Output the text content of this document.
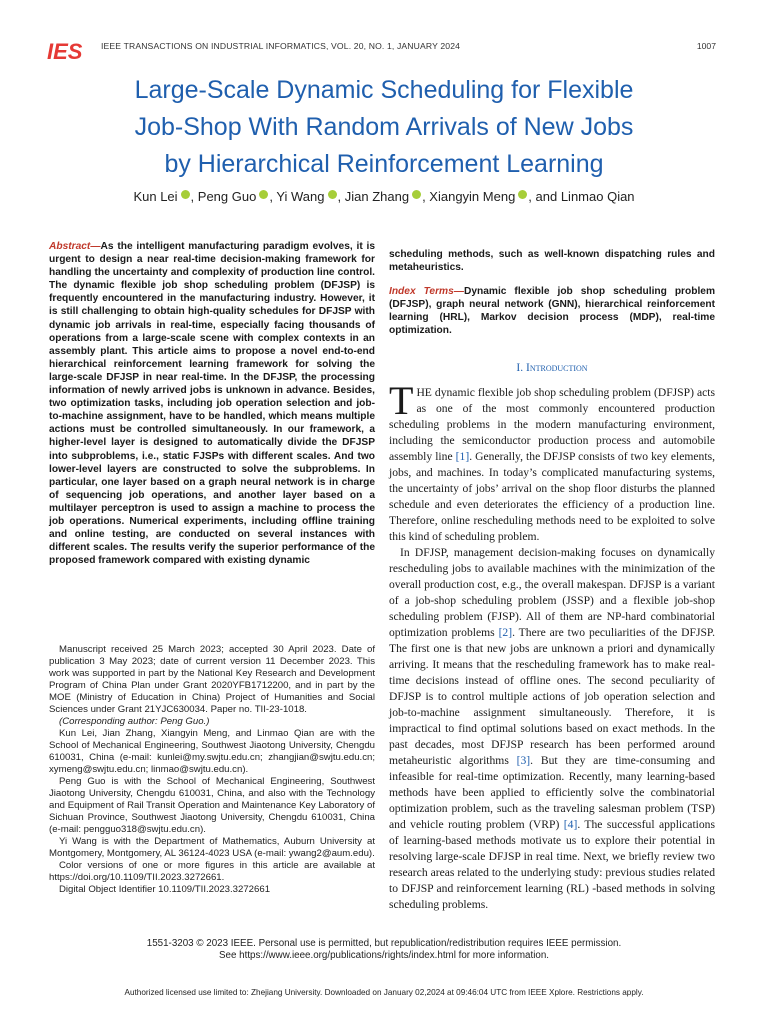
IES IEEE TRANSACTIONS ON INDUSTRIAL INFORMATICS, VOL. 20, NO. 1, JANUARY 2024	1007
Large-Scale Dynamic Scheduling for Flexible
Job-Shop With Random Arrivals of New Jobs
by Hierarchical Reinforcement Learning
Kun Lei , Peng Guo , Yi Wang , Jian Zhang , Xiangyin Meng , and Linmao Qian

Abstract—As the intelligent manufacturing paradigm evolves, it is urgent to design a near real-time decision-making framework for handling the uncertainty and complexity of production line control. The dynamic flexible job shop scheduling problem (DFJSP) is frequently encountered in the manufacturing industry. However, it is still challenging to obtain high-quality schedules for DFJSP with dynamic job arrivals in real-time, especially facing thousands of operations from a large-scale scene with complex contexts in an assembly plant. This article aims to propose a novel end-to-end hierarchical reinforcement learning framework for solving the large-scale DFJSP in near real-time. In the DFJSP, the processing information of newly arrived jobs is unknown in advance. Besides, two optimization tasks, including job operation selection and job-to-machine assignment, have to be handled, which means multiple actions must be controlled simultaneously. In our framework, a higher-level layer is designed to automatically divide the DFJSP into subproblems, i.e., static FJSPs with different scales. And two lower-level layers are constructed to solve the subproblems. In particular, one layer based on a graph neural network is in charge of sequencing job operations, and another layer based on a multilayer perceptron is used to assign a machine to process the job operations. Numerical experiments, including offline training and online testing, are conducted on several instances with different scales. The results verify the superior performance of the proposed framework compared with existing dynamic

scheduling methods, such as well-known dispatching rules and metaheuristics.

Index Terms—Dynamic flexible job shop scheduling problem (DFJSP), graph neural network (GNN), hierarchical reinforcement learning (HRL), Markov decision process (MDP), real-time optimization.

Manuscript received 25 March 2023; accepted 30 April 2023. Date of publication 3 May 2023; date of current version 11 December 2023. This work was supported in part by the National Key Research and Development Program of China Plan under Grant 2020YFB1712200, and in part by the MOE (Ministry of Education in China) Project of Humanities and Social Sciences under Grant 21YJC630034. Paper no. TII-23-1018.

(Corresponding author: Peng Guo.)

Kun Lei, Jian Zhang, Xiangyin Meng, and Linmao Qian are with the School of Mechanical Engineering, Southwest Jiaotong University, Chengdu 610031, China (e-mail: kunlei@my.swjtu.edu.cn; zhangjian@swjtu.edu.cn; xymeng@swjtu.edu.cn; linmao@swjtu.edu.cn).

Peng Guo is with the School of Mechanical Engineering, Southwest Jiaotong University, Chengdu 610031, China, and also with the Technology and Equipment of Rail Transit Operation and Maintenance Key Laboratory of Sichuan Province, Southwest Jiaotong University, Chengdu 610031, China (e-mail: pengguo318@swjtu.edu.cn).

Yi Wang is with the Department of Mathematics, Auburn University at Montgomery, Montgomery, AL 36124-4023 USA (e-mail: ywang2@aum.edu).

Color versions of one or more figures in this article are available at https://doi.org/10.1109/TII.2023.3272661.

Digital Object Identifier 10.1109/TII.2023.3272661

I. Introduction

THE dynamic flexible job shop scheduling problem (DFJSP) acts as one of the most commonly encountered production scheduling problems in the modern manufacturing environment, including the semiconductor production process and automobile assembly line [1]. Generally, the DFJSP consists of two key elements, jobs, and machines. In today’s complicated manufacturing systems, the uncertainty of jobs’ arrival on the shop floor disturbs the planned schedule and even deteriorates the efficiency of a production line. Therefore, online rescheduling methods need to be exploited to solve this kind of scheduling problem.

In DFJSP, management decision-making focuses on dynamically rescheduling jobs to available machines with the minimization of the overall production cost, e.g., the overall makespan. DFJSP is a variant of a job-shop scheduling problem (JSSP) and a flexible job-shop scheduling problem (FJSP). All of them are NP-hard combinatorial optimization problems [2]. There are two peculiarities of the DFJSP. The first one is that new jobs are unknown a priori and dynamically arriving. It means that the rescheduling framework has to make real-time decisions instead of offline ones. The second peculiarity of DFJSP is to control multiple actions of job operation selection and job-to-machine assignment simultaneously. Therefore, it is impractical to find optimal solutions based on exact methods. In the past decades, most DFJSP research has been performed around metaheuristic algorithms [3]. But they are time-consuming and infeasible for real-time optimization. Recently, many learning-based methods have been applied to efficiently solve the combinatorial optimization problem, such as the traveling salesman problem (TSP) and vehicle routing problem (VRP) [4]. The successful applications of learning-based methods motivate us to explore their potential in resolving large-scale DFJSP in real time. Next, we briefly review two research areas related to the underlying study: previous studies related to DFJSP and reinforcement learning (RL) -based methods in solving scheduling problems.

1551-3203 © 2023 IEEE. Personal use is permitted, but republication/redistribution requires IEEE permission.
See https://www.ieee.org/publications/rights/index.html for more information.
Authorized licensed use limited to: Zhejiang University. Downloaded on January 02,2024 at 09:46:04 UTC from IEEE Xplore. Restrictions apply.
